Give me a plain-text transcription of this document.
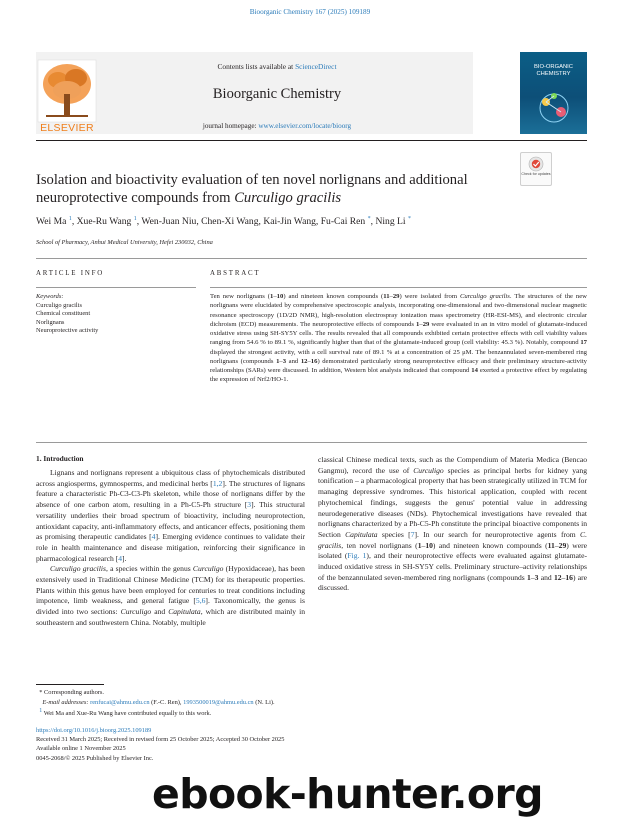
Bioorganic Chemistry 167 (2025) 109189
ELSEVIER
Contents lists available at ScienceDirect
Bioorganic Chemistry
journal homepage: www.elsevier.com/locate/bioorg
BIO-ORGANIC CHEMISTRY
Check for updates
Isolation and bioactivity evaluation of ten novel norlignans and additional neuroprotective compounds from Curculigo gracilis
Wei Ma $^1$, Xue-Ru Wang $^1$, Wen-Juan Niu, Chen-Xi Wang, Kai-Jin Wang, Fu-Cai Ren *, Ning Li *
School of Pharmacy, Anhui Medical University, Hefei 230032, China
ARTICLE INFO	ABSTRACT
Keywords:
Curculigo gracilis
Chemical constituent
Norlignans
Neuroprotective activity
Ten new norlignans (1–10) and nineteen known compounds (11–29) were isolated from Curculigo gracilis. The structures of the new norlignans were elucidated by comprehensive spectroscopic analysis, incorporating one-dimensional and two-dimensional nuclear magnetic resonance spectroscopy (1D/2D NMR), high-resolution electrospray ionization mass spectrometry (HR-ESI-MS), and electronic circular dichroism (ECD) measurements. The neuroprotective effects of compounds 1–29 were evaluated in an in vitro model of glutamate-induced oxidative stress using SH-SY5Y cells. The results revealed that all compounds exhibited certain protective effects with cell viability values ranging from 54.6 % to 89.1 %, significantly higher than that of the glutamate-induced group (cell viability: 45.3 %). Notably, compound 17 displayed the strongest activity, with a cell survival rate of 89.1 % at a concentration of 25 μM. The benzannulated seven-membered ring norlignans (compounds 1–3 and 12–16) demonstrated particularly strong neuroprotective efficacy and their preliminary structure-activity relationships (SARs) were discussed. In addition, Western blot analysis indicated that compound 14 exerted a protective effect by regulating the expression of Nrf2/HO-1.
1. Introduction

Lignans and norlignans represent a ubiquitous class of phytochemicals distributed across angiosperms, gymnosperms, and medicinal herbs [1,2]. The structures of lignans feature a characteristic Ph-C3-C3-Ph skeleton, while those of norlignans differ by the absence of one carbon atom, resulting in a Ph-C5-Ph structure [3]. This structural versatility underlies their broad spectrum of bioactivity, including neuroprotection, antioxidant capacity, anti-inflammatory effects, and anticancer effects, positioning them as promising therapeutic candidates [4]. Emerging evidence continues to validate their role in health maintenance and disease mitigation, reinforcing their significance in pharmacological research [4].

Curculigo gracilis, a species within the genus Curculigo (Hypoxidaceae), has been extensively used in Traditional Chinese Medicine (TCM) for its therapeutic properties. Plants within this genus have been employed for centuries to treat conditions including impotence, limb weakness, and general fatigue [5,6]. Taxonomically, the genus is divided into two sections: Curculigo and Capitulata, which are distributed mainly in southeastern and southwestern China. Notably, multiple

classical Chinese medical texts, such as the Compendium of Materia Medica (Bencao Gangmu), record the use of Curculigo species as principal herbs for kidney yang tonification – a pharmacological property that has been strategically utilized in TCM for managing depressive syndromes. This historical application, coupled with recent phytochemical findings, suggests the genus' potential value in addressing neurodegenerative diseases (NDs). Phytochemical investigations have revealed that norlignans characterized by a Ph-C5-Ph constitute the principal bioactive components in Section Capitulata species [7]. In our search for neuroprotective agents from C. gracilis, ten novel norlignans (1–10) and nineteen known compounds (11–29) were isolated (Fig. 1), and their neuroprotective effects were evaluated against glutamate-induced oxidative stress in SH-SY5Y cells. Preliminary structure–activity relationships of the benzannulated seven-membered ring norlignans (compounds 1–3 and 12–16) are discussed.
* Corresponding authors.
E-mail addresses: renfucai@ahmu.edu.cn (F.-C. Ren), 1993500019@ahmu.edu.cn (N. Li).
$^1$ Wei Ma and Xue-Ru Wang have contributed equally to this work.
https://doi.org/10.1016/j.bioorg.2025.109189
Received 31 March 2025; Received in revised form 25 October 2025; Accepted 30 October 2025
Available online 1 November 2025
0045-2068/© 2025 Published by Elsevier Inc.
ebook-hunter.org
